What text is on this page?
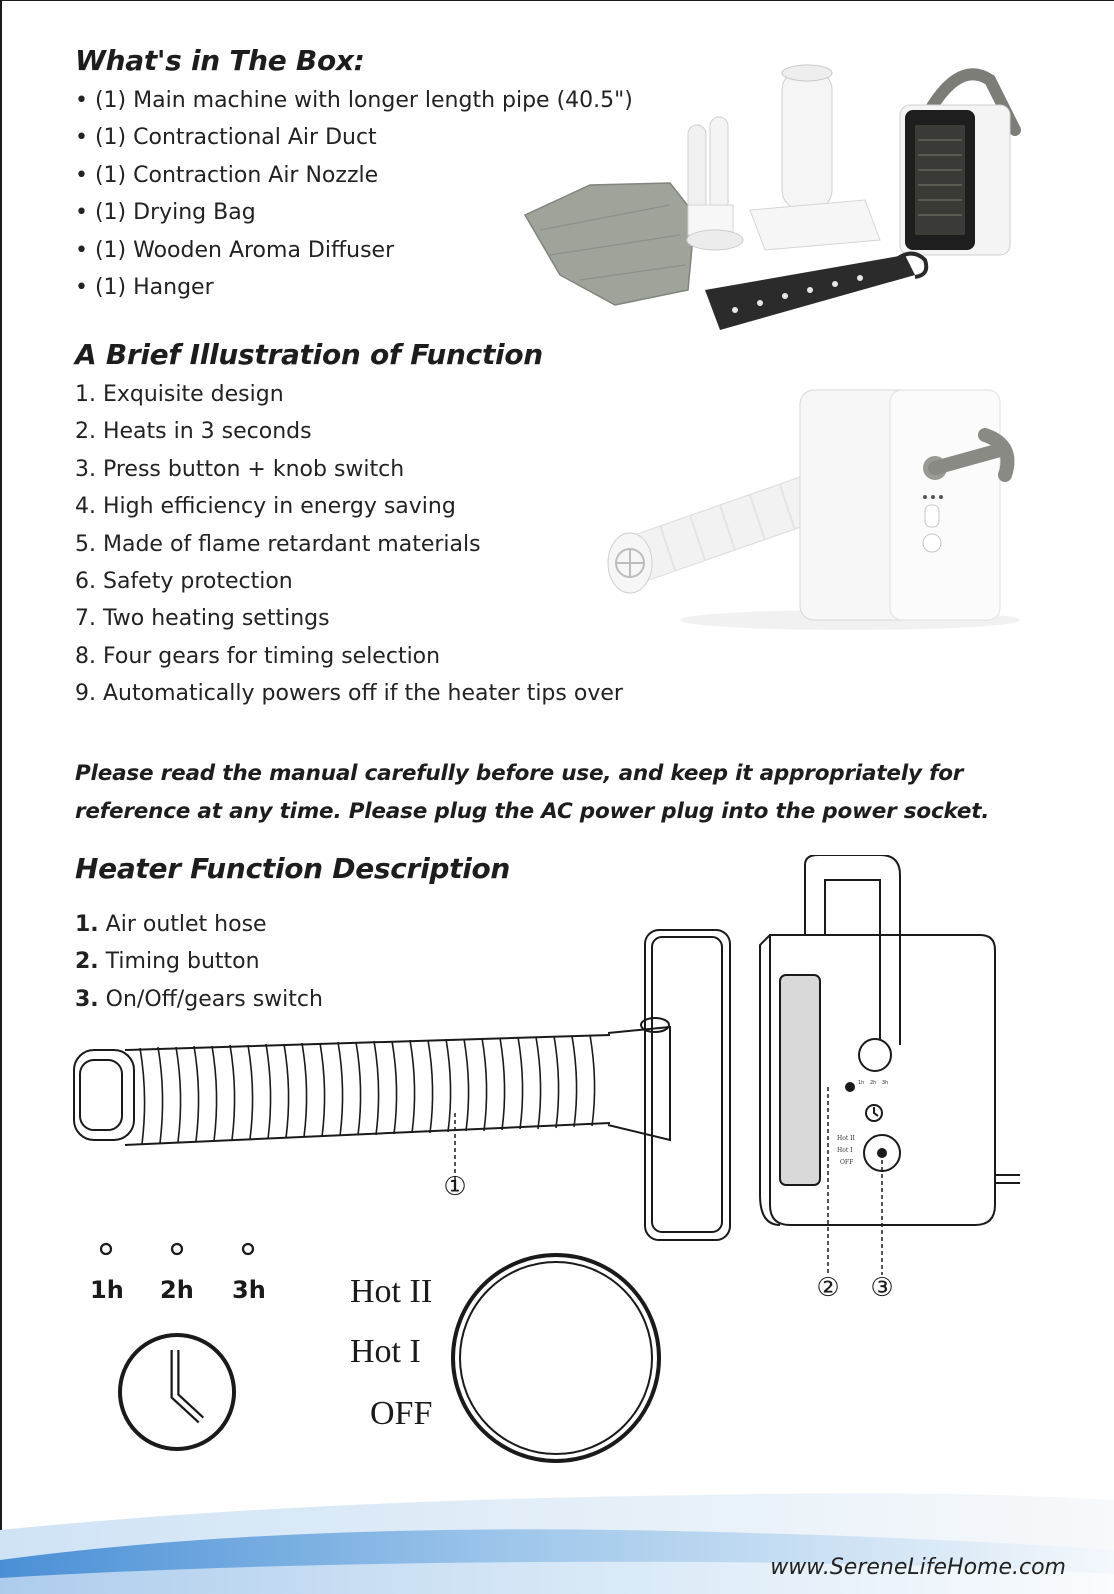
What's in The Box:
• (1) Main machine with longer length pipe (40.5")
• (1) Contractional Air Duct
• (1) Contraction Air Nozzle
• (1) Drying Bag
• (1) Wooden Aroma Diffuser
• (1) Hanger
A Brief Illustration of Function
1. Exquisite design
2. Heats in 3 seconds
3. Press button + knob switch
4. High efficiency in energy saving
5. Made of flame retardant materials
6. Safety protection
7. Two heating settings
8. Four gears for timing selection
9. Automatically powers off if the heater tips over

Please read the manual carefully before use, and keep it appropriately for reference at any time. Please plug the AC power plug into the power socket.

Heater Function Description
1. Air outlet hose
2. Timing button
3. On/Off/gears switch
1h 2h 3h
Hot II
Hot I
OFF
①
② ③
1h 2h 3h Hot II
Hot I
OFF
www.SereneLifeHome.com
